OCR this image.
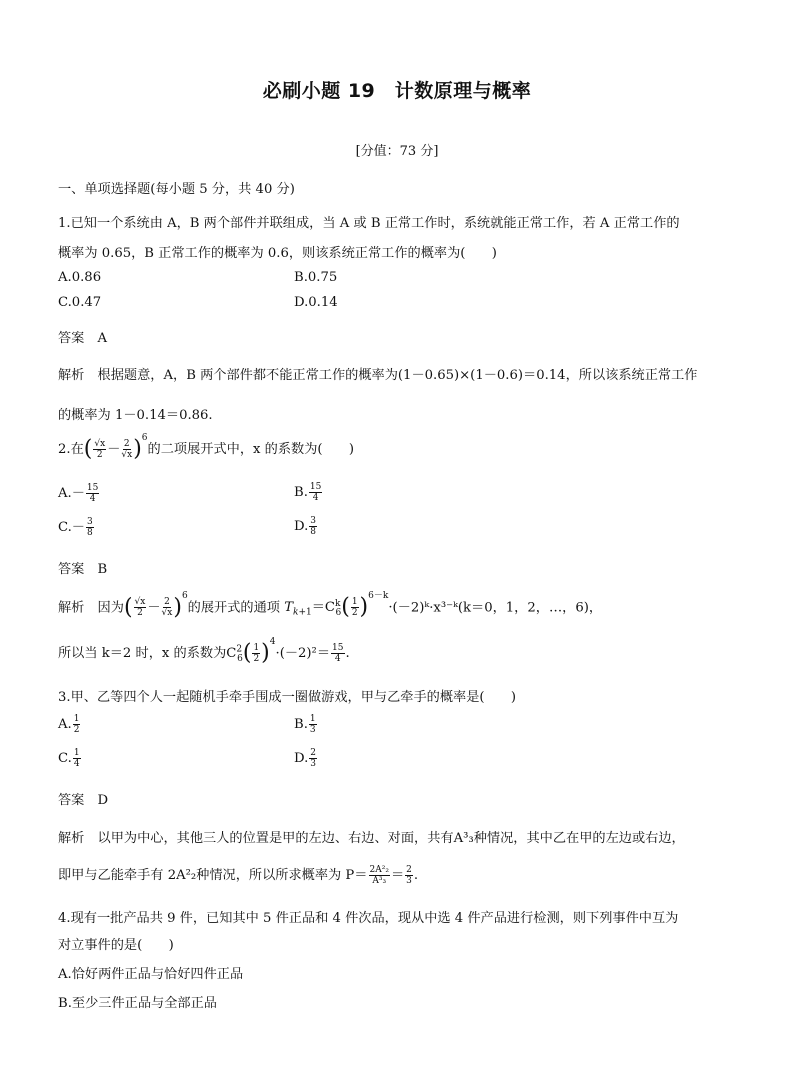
必刷小题 19　计数原理与概率
[分值：73 分]
一、单项选择题(每小题 5 分，共 40 分)
1.已知一个系统由 A，B 两个部件并联组成，当 A 或 B 正常工作时，系统就能正常工作，若 A 正常工作的
概率为 0.65，B 正常工作的概率为 0.6，则该系统正常工作的概率为(　　)
A.0.86	B.0.75
C.0.47	D.0.14
答案　A
解析　根据题意，A，B 两个部件都不能正常工作的概率为(1－0.65)×(1－0.6)＝0.14，所以该系统正常工作
的概率为 1－0.14＝0.86.
2.在( $\frac{√x}{2} - \frac{2}{√x} )^6$的二项展开式中，x 的系数为(　　)
$A.- \frac{15}{4}$	B. $\frac{15}{4}$
$C.- \frac{3}{8}$	D. $\frac{3}{8}$
答案　B
解析　因为( $\frac{√x}{2} - \frac{2}{√x} )^6$的展开式的通项 $T_{k+1}=C^k_6( \frac{1}{2}$ )$^{6-k}\cdot(-2)ᵏ\cdot x^{3-}ᵏ(k=0$，1，2，…，6)，
所以当 k＝2 时，x 的系数为$C^2_6( \frac{1}{2} )^4\cdot(-2)^2= \frac{15}{4}$ .
3.甲、乙等四个人一起随机手牵手围成一圈做游戏，甲与乙牵手的概率是(　　)
A. $\frac{1}{2}$	B. $\frac{1}{3}$
C. $\frac{1}{4}$	D. $\frac{2}{3}$
答案　D
解析　以甲为中心，其他三人的位置是甲的左边、右边、对面，共有A³₃种情况，其中乙在甲的左边或右边，
即甲与乙能牵手有 2A²₂种情况，所以所求概率为 $P= \frac{\text{2A²₂}}{\text{A³₃}} = \frac{2}{3}$ .
4.现有一批产品共 9 件，已知其中 5 件正品和 4 件次品，现从中选 4 件产品进行检测，则下列事件中互为
对立事件的是(　　)
A.恰好两件正品与恰好四件正品
B.至少三件正品与全部正品
